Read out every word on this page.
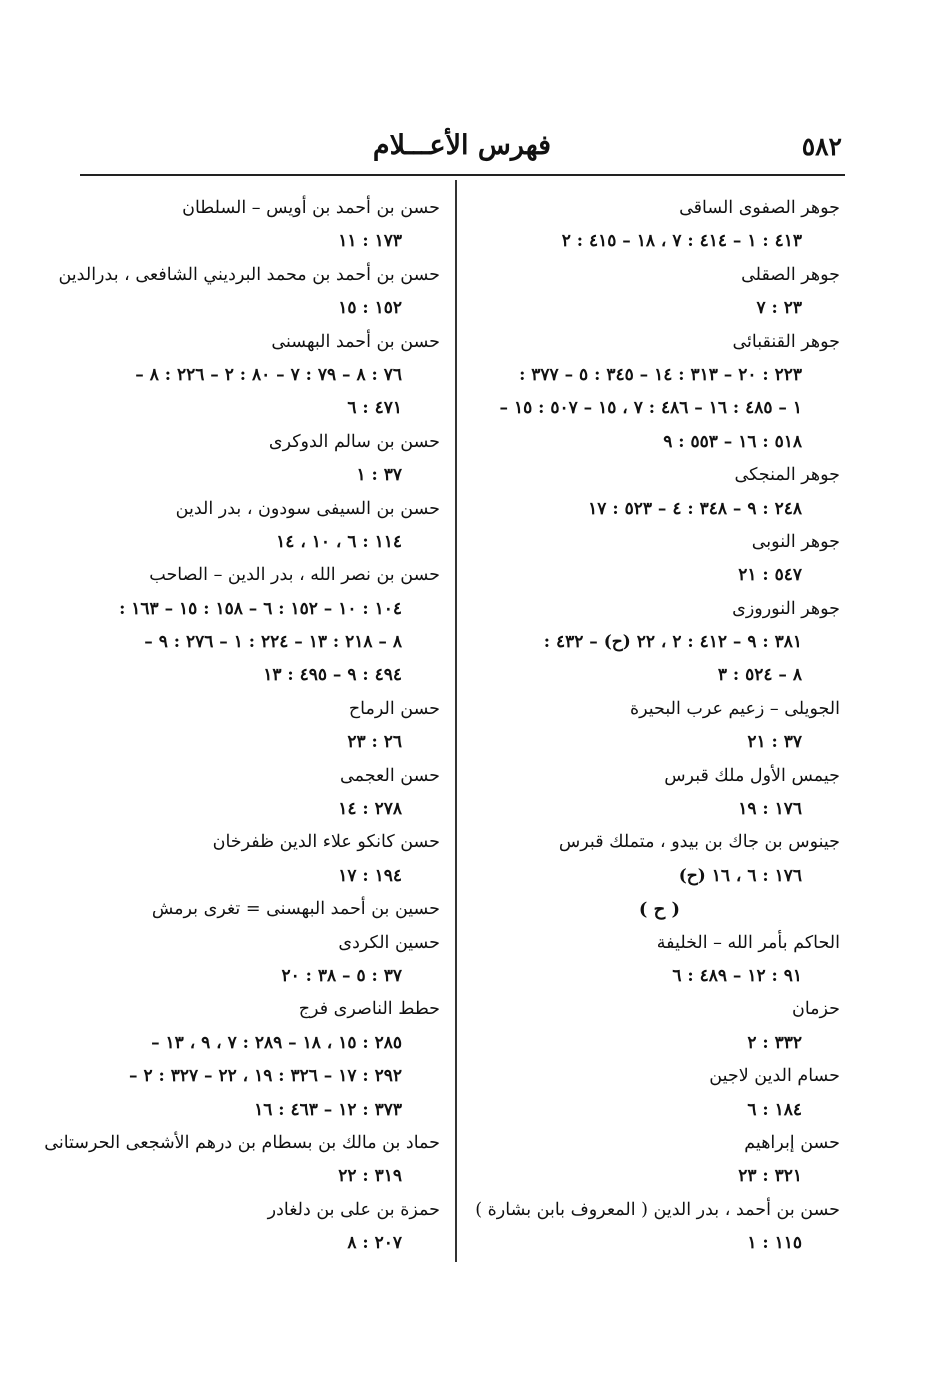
٥٨٢
فهرس الأعـــلام
جوهر الصفوى الساقى
٤١٣ : ١ – ٤١٤ : ٧ ، ١٨ – ٤١٥ : ٢
جوهر الصقلى
٢٣ : ٧
جوهر القنقبائى
٢٢٣ : ٢٠ – ٣١٣ : ١٤ – ٣٤٥ : ٥ – ٣٧٧ :
١ – ٤٨٥ : ١٦ – ٤٨٦ : ٧ ، ١٥ – ٥٠٧ : ١٥ –
٥١٨ : ١٦ – ٥٥٣ : ٩
جوهر المنجكى
٢٤٨ : ٩ – ٣٤٨ : ٤ – ٥٢٣ : ١٧
جوهر النوبى
٥٤٧ : ٢١
جوهر النوروزى
٣٨١ : ٩ – ٤١٢ : ٢ ، ٢٢ (ح) – ٤٣٢ :
٨ – ٥٢٤ : ٣
الجويلى – زعيم عرب البحيرة
٣٧ : ٢١
جيمس الأول ملك قبرس
١٧٦ : ١٩
جينوس بن جاك بن بيدو ، متملك قبرس
١٧٦ : ٦ ، ١٦ (ح)
( ح )
الحاكم بأمر الله – الخليفة
٩١ : ١٢ – ٤٨٩ : ٦
حزمان
٣٣٢ : ٢
حسام الدين لاجين
١٨٤ : ٦
حسن إبراهيم
٣٢١ : ٢٣
حسن بن أحمد ، بدر الدين ( المعروف بابن بشارة )
١١٥ : ١
حسن بن أحمد بن أويس – السلطان
١٧٣ : ١١
حسن بن أحمد بن محمد البرديني الشافعى ، بدرالدين
١٥٢ : ١٥
حسن بن أحمد البهسنى
٧٦ : ٨ – ٧٩ : ٧ – ٨٠ : ٢ – ٢٢٦ : ٨ –
٤٧١ : ٦
حسن بن سالم الدوكرى
٣٧ : ١
حسن بن السيفى سودون ، بدر الدين
١١٤ : ٦ ، ١٠ ، ١٤
حسن بن نصر الله ، بدر الدين – الصاحب
١٠٤ : ١٠ – ١٥٢ : ٦ – ١٥٨ : ١٥ – ١٦٣ :
٨ – ٢١٨ : ١٣ – ٢٢٤ : ١ – ٢٧٦ : ٩ –
٤٩٤ : ٩ – ٤٩٥ : ١٣
حسن الرماح
٢٦ : ٢٣
حسن العجمى
٢٧٨ : ١٤
حسن كانكو علاء الدين ظفرخان
١٩٤ : ١٧
حسين بن أحمد البهسنى = تغرى برمش
حسين الكردى
٣٧ : ٥ – ٣٨ : ٢٠
حطط الناصرى فرج
٢٨٥ : ١٥ ، ١٨ – ٢٨٩ : ٧ ، ٩ ، ١٣ –
٢٩٢ : ١٧ – ٣٢٦ : ١٩ ، ٢٢ – ٣٢٧ : ٢ –
٣٧٣ : ١٢ – ٤٦٣ : ١٦
حماد بن مالك بن بسطام بن درهم الأشجعى الحرستانى
٣١٩ : ٢٢
حمزة بن على بن دلغادر
٢٠٧ : ٨
